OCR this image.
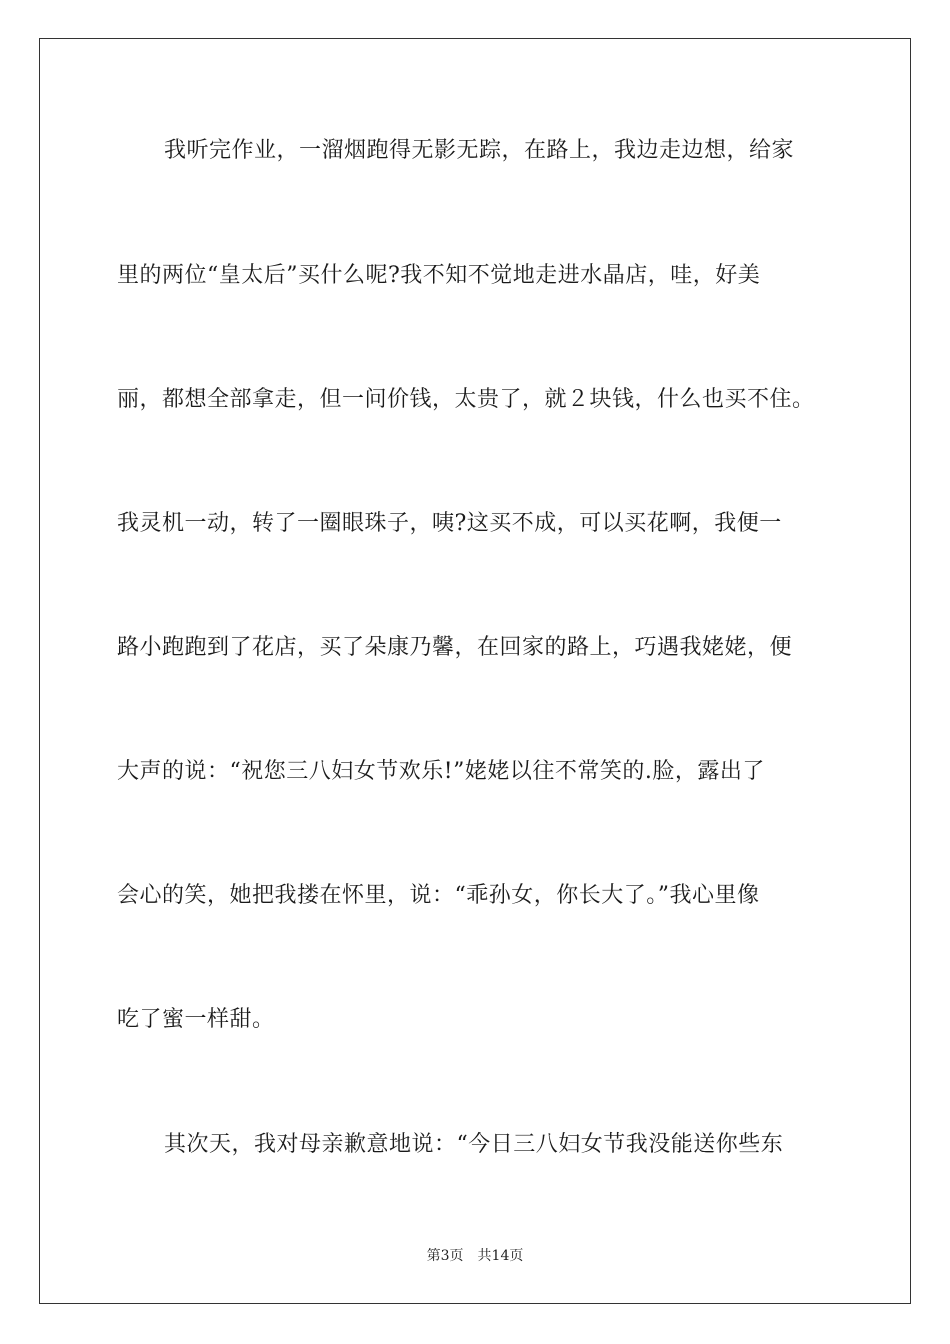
我听完作业，一溜烟跑得无影无踪，在路上，我边走边想，给家
里的两位“皇太后”买什么呢?我不知不觉地走进水晶店，哇，好美
丽，都想全部拿走，但一问价钱，太贵了，就２块钱，什么也买不住。
我灵机一动，转了一圈眼珠子，咦?这买不成，可以买花啊，我便一
路小跑跑到了花店，买了朵康乃馨，在回家的路上，巧遇我姥姥，便
大声的说：“祝您三八妇女节欢乐!”姥姥以往不常笑的.脸，露出了
会心的笑，她把我搂在怀里，说：“乖孙女，你长大了。”我心里像
吃了蜜一样甜。
其次天，我对母亲歉意地说：“今日三八妇女节我没能送你些东
第3页 共14页
